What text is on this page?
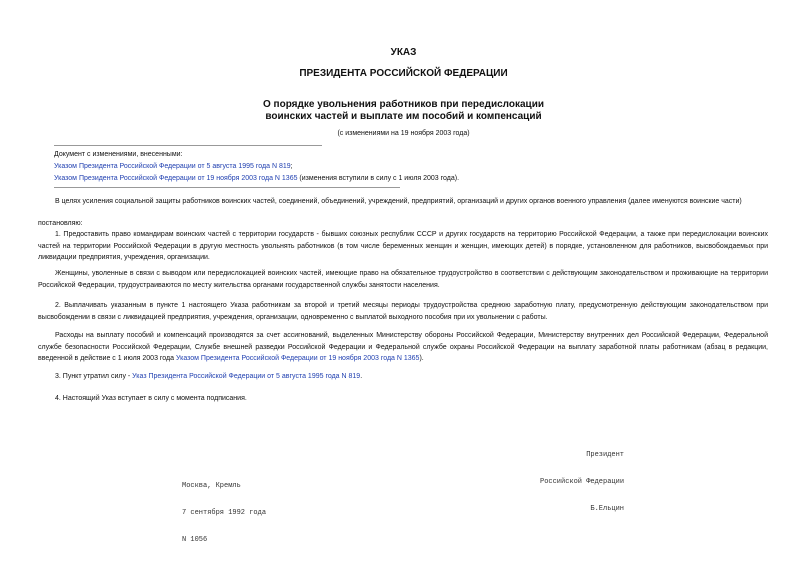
УКАЗ
ПРЕЗИДЕНТА РОССИЙСКОЙ ФЕДЕРАЦИИ
О порядке увольнения работников при передислокации
воинских частей и выплате им пособий и компенсаций
(с изменениями на 19 ноября 2003 года)
Документ с изменениями, внесенными:
Указом Президента Российской Федерации от 5 августа 1995 года N 819;
Указом Президента Российской Федерации от 19 ноября 2003 года N 1365 (изменения вступили в силу с 1 июля 2003 года).
В целях усиления социальной защиты работников воинских частей, соединений, объединений, учреждений, предприятий, организаций и других органов военного управления (далее именуются воинские части)
постановляю:
1. Предоставить право командирам воинских частей с территории государств - бывших союзных республик СССР и других государств на территорию Российской Федерации, а также при передислокации воинских частей на территории Российской Федерации в другую местность увольнять работников (в том числе беременных женщин и женщин, имеющих детей) в порядке, установленном для работников, высвобождаемых при ликвидации предприятия, учреждения, организации.
Женщины, уволенные в связи с выводом или передислокацией воинских частей, имеющие право на обязательное трудоустройство в соответствии с действующим законодательством и проживающие на территории Российской Федерации, трудоустраиваются по месту жительства органами государственной службы занятости населения.
2. Выплачивать указанным в пункте 1 настоящего Указа работникам за второй и третий месяцы периоды трудоустройства среднюю заработную плату, предусмотренную действующим законодательством при высвобождении в связи с ликвидацией предприятия, учреждения, организации, одновременно с выплатой выходного пособия при их увольнении с работы.
Расходы на выплату пособий и компенсаций производятся за счет ассигнований, выделенных Министерству обороны Российской Федерации, Министерству внутренних дел Российской Федерации, Федеральной службе безопасности Российской Федерации, Службе внешней разведки Российской Федерации и Федеральной службе охраны Российской Федерации на выплату заработной платы работникам (абзац в редакции, введенной в действие с 1 июля 2003 года Указом Президента Российской Федерации от 19 ноября 2003 года N 1365).
3. Пункт утратил силу - Указ Президента Российской Федерации от 5 августа 1995 года N 819.
4. Настоящий Указ вступает в силу с момента подписания.

Президент

Российской Федерации

Б.Ельцин

Москва, Кремль

7 сентября 1992 года

N 1056
